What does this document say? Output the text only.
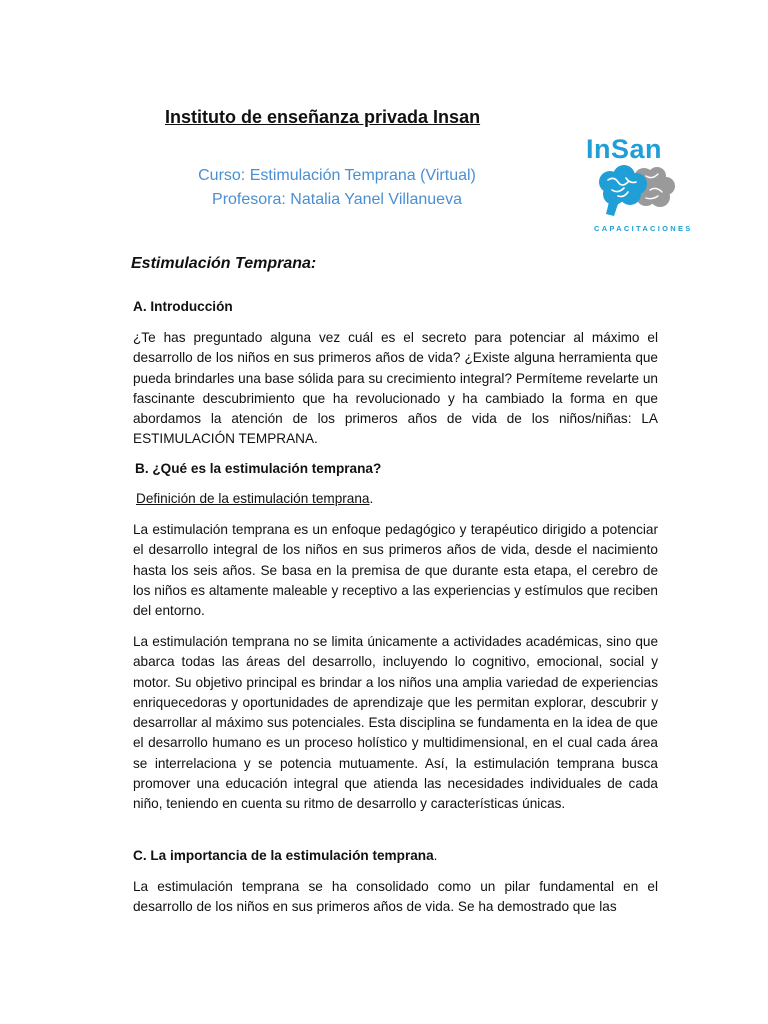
Instituto de enseñanza privada Insan
Curso: Estimulación Temprana (Virtual)
Profesora: Natalia Yanel Villanueva
InSan
CAPACITACIONES
Estimulación Temprana:
A. Introducción
¿Te has preguntado alguna vez cuál es el secreto para potenciar al máximo el desarrollo de los niños en sus primeros años de vida? ¿Existe alguna herramienta que pueda brindarles una base sólida para su crecimiento integral? Permíteme revelarte un fascinante descubrimiento que ha revolucionado y ha cambiado la forma en que abordamos la atención de los primeros años de vida de los niños/niñas: LA ESTIMULACIÓN TEMPRANA.
B. ¿Qué es la estimulación temprana?
Definición de la estimulación temprana.
La estimulación temprana es un enfoque pedagógico y terapéutico dirigido a potenciar el desarrollo integral de los niños en sus primeros años de vida, desde el nacimiento hasta los seis años. Se basa en la premisa de que durante esta etapa, el cerebro de los niños es altamente maleable y receptivo a las experiencias y estímulos que reciben del entorno.
La estimulación temprana no se limita únicamente a actividades académicas, sino que abarca todas las áreas del desarrollo, incluyendo lo cognitivo, emocional, social y motor. Su objetivo principal es brindar a los niños una amplia variedad de experiencias enriquecedoras y oportunidades de aprendizaje que les permitan explorar, descubrir y desarrollar al máximo sus potenciales. Esta disciplina se fundamenta en la idea de que el desarrollo humano es un proceso holístico y multidimensional, en el cual cada área se interrelaciona y se potencia mutuamente. Así, la estimulación temprana busca promover una educación integral que atienda las necesidades individuales de cada niño, teniendo en cuenta su ritmo de desarrollo y características únicas.
C. La importancia de la estimulación temprana.
La estimulación temprana se ha consolidado como un pilar fundamental en el desarrollo de los niños en sus primeros años de vida. Se ha demostrado que las
